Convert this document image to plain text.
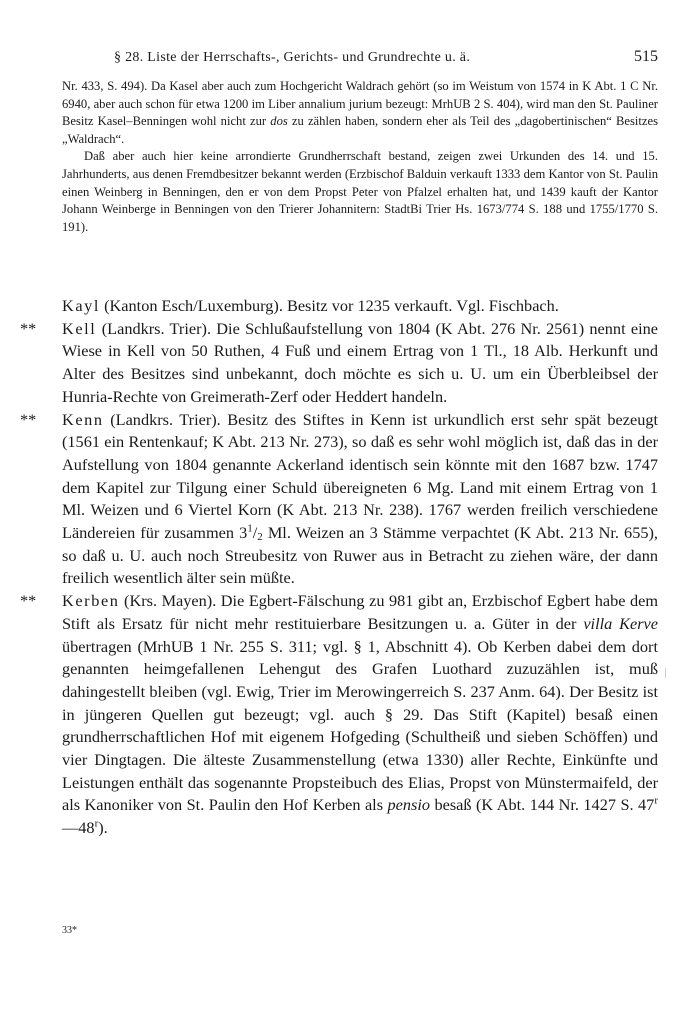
§ 28. Liste der Herrschafts-, Gerichts- und Grundrechte u. ä.	515

Nr. 433, S. 494). Da Kasel aber auch zum Hochgericht Waldrach gehört (so im Weistum von 1574 in K Abt. 1 C Nr. 6940, aber auch schon für etwa 1200 im Liber annalium jurium bezeugt: MrhUB 2 S. 404), wird man den St. Pauliner Besitz Kasel–Benningen wohl nicht zur dos zu zählen haben, sondern eher als Teil des „dagobertinischen“ Besitzes „Waldrach“.

Daß aber auch hier keine arrondierte Grundherrschaft bestand, zeigen zwei Urkunden des 14. und 15. Jahrhunderts, aus denen Fremdbesitzer bekannt werden (Erzbischof Balduin verkauft 1333 dem Kantor von St. Paulin einen Weinberg in Benningen, den er von dem Propst Peter von Pfalzel erhalten hat, und 1439 kauft der Kantor Johann Weinberge in Benningen von den Trierer Johannitern: StadtBi Trier Hs. 1673/774 S. 188 und 1755/1770 S. 191).

Kayl (Kanton Esch/Luxemburg). Besitz vor 1235 verkauft. Vgl. Fischbach.
** Kell (Landkrs. Trier). Die Schlußaufstellung von 1804 (K Abt. 276 Nr. 2561) nennt eine Wiese in Kell von 50 Ruthen, 4 Fuß und einem Ertrag von 1 Tl., 18 Alb. Herkunft und Alter des Besitzes sind unbekannt, doch möchte es sich u. U. um ein Überbleibsel der Hunria-Rechte von Greimerath-Zerf oder Heddert handeln.
** Kenn (Landkrs. Trier). Besitz des Stiftes in Kenn ist urkundlich erst sehr spät bezeugt (1561 ein Rentenkauf; K Abt. 213 Nr. 273), so daß es sehr wohl möglich ist, daß das in der Aufstellung von 1804 genannte Ackerland identisch sein könnte mit den 1687 bzw. 1747 dem Kapitel zur Tilgung einer Schuld übereigneten 6 Mg. Land mit einem Ertrag von 1 Ml. Weizen und 6 Viertel Korn (K Abt. 213 Nr. 238). 1767 werden freilich verschiedene Ländereien für zusammen $3^1/_2$ Ml. Weizen an 3 Stämme verpachtet (K Abt. 213 Nr. 655), so daß u. U. auch noch Streubesitz von Ruwer aus in Betracht zu ziehen wäre, der dann freilich wesentlich älter sein müßte.
** Kerben (Krs. Mayen). Die Egbert-Fälschung zu 981 gibt an, Erzbischof Egbert habe dem Stift als Ersatz für nicht mehr restituierbare Besitzungen u. a. Güter in der villa Kerve übertragen (MrhUB 1 Nr. 255 S. 311; vgl. § 1, Abschnitt 4). Ob Kerben dabei dem dort genannten heimgefallenen Lehengut des Grafen Luothard zuzuzählen ist, muß dahingestellt bleiben (vgl. Ewig, Trier im Merowingerreich S. 237 Anm. 64). Der Besitz ist in jüngeren Quellen gut bezeugt; vgl. auch § 29. Das Stift (Kapitel) besaß einen grundherrschaftlichen Hof mit eigenem Hofgeding (Schultheiß und sieben Schöffen) und vier Dingtagen. Die älteste Zusammenstellung (etwa 1330) aller Rechte, Einkünfte und Leistungen enthält das sogenannte Propsteibuch des Elias, Propst von Münstermaifeld, der als Kanoniker von St. Paulin den Hof Kerben als pensio besaß (K Abt. 144 Nr. 1427 S. 47$^r$—48$^r$).
33*
